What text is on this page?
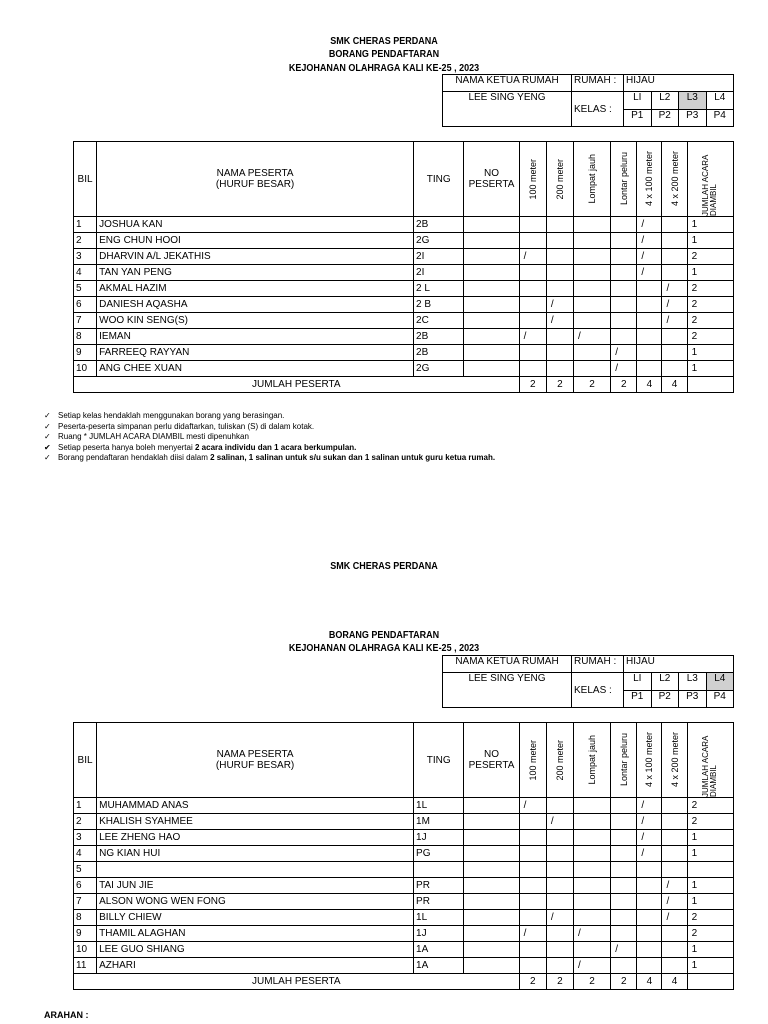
SMK CHERAS PERDANA
BORANG PENDAFTARAN
KEJOHANAN OLAHRAGA KALI KE-25 , 2023
NAMA KETUA RUMAH	RUMAH :	HIJAU			
LEE SING YENG	KELAS :	LI	L2	L3	L4
		P1	P2	P3	P4
BIL	NAMA PESERTA
(HURUF BESAR)	TING	NO
PESERTA	100 meter	200 meter	Lompat jauh	Lontar peluru	4 x 100 meter	4 x 200 meter	JUMLAH ACARA DIAMBIL

1	JOSHUA KAN	2B						/		1
2	ENG CHUN HOOI	2G						/		1
3	DHARVIN A/L JEKATHIS	2I		/				/		2
4	TAN YAN PENG	2I						/		1
5	AKMAL HAZIM	2 L							/	2
6	DANIESH AQASHA	2 B			/				/	2
7	WOO KIN SENG(S)	2C			/				/	2
8	IEMAN	2B		/		/				2
9	FARREEQ RAYYAN	2B					/			1
10	ANG CHEE XUAN	2G					/			1
JUMLAH PESERTA				2	2	2	2	4	4	
✓ Setiap kelas hendaklah menggunakan borang yang berasingan.
✓ Peserta-peserta simpanan perlu didaftarkan, tuliskan (S) di dalam kotak.
✓ Ruang * JUMLAH ACARA DIAMBIL mesti dipenuhkan
✔ Setiap peserta hanya boleh menyertai
2 acara individu dan 1 acara berkumpulan.
✓ Borang pendaftaran hendaklah diisi dalam
2 salinan, 1 salinan untuk s/u sukan dan 1 salinan untuk guru ketua rumah.
SMK CHERAS PERDANA
BORANG PENDAFTARAN
KEJOHANAN OLAHRAGA KALI KE-25 , 2023
NAMA KETUA RUMAH	RUMAH :	HIJAU			
LEE SING YENG	KELAS :	LI	L2	L3	L4
		P1	P2	P3	P4
BIL	NAMA PESERTA
(HURUF BESAR)	TING	NO
PESERTA	100 meter	200 meter	Lompat jauh	Lontar peluru	4 x 100 meter	4 x 200 meter	JUMLAH ACARA DIAMBIL

1	MUHAMMAD ANAS	1L		/				/		2
2	KHALISH SYAHMEE	1M			/			/		2
3	LEE ZHENG HAO	1J						/		1
4	NG KIAN HUI	PG						/		1
5										
6	TAI JUN JIE	PR							/	1
7	ALSON WONG WEN FONG	PR							/	1
8	BILLY CHIEW	1L			/				/	2
9	THAMIL ALAGHAN	1J		/		/				2
10	LEE GUO SHIANG	1A					/			1
11	AZHARI	1A				/				1
JUMLAH PESERTA				2	2	2	2	4	4	
ARAHAN :
